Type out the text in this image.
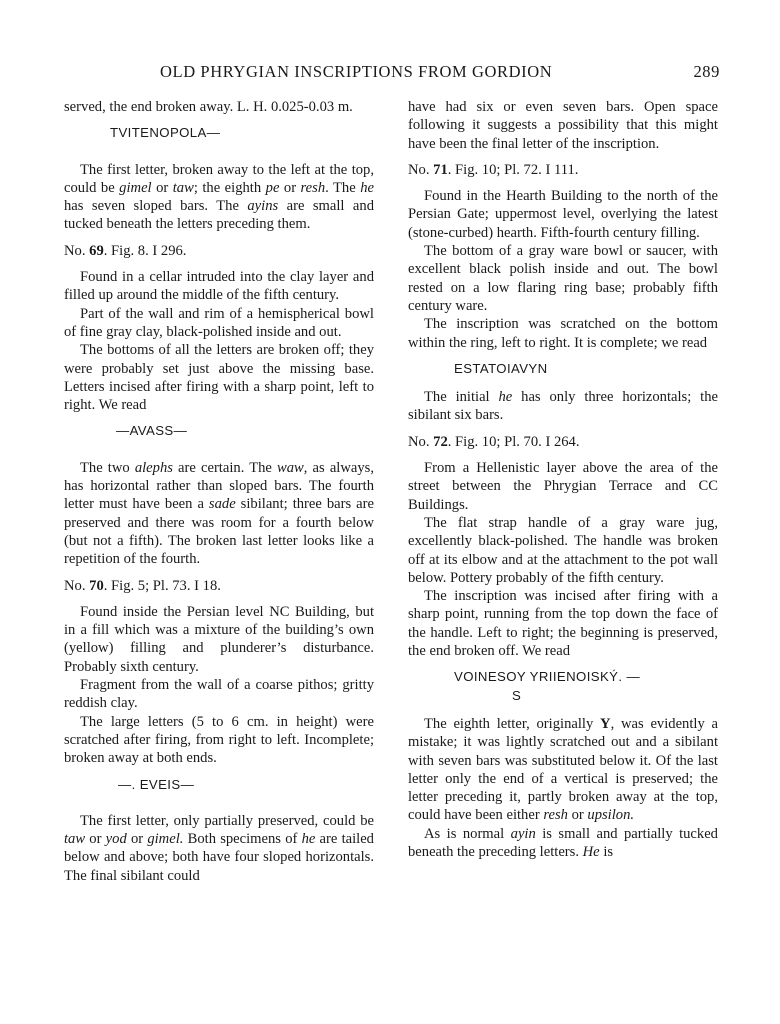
OLD PHRYGIAN INSCRIPTIONS FROM GORDION	289

served, the end broken away. L. H. 0.025-0.03 m.

TVITENOPOLA—

The first letter, broken away to the left at the top, could be gimel or taw; the eighth pe or resh. The he has seven sloped bars. The ayins are small and tucked beneath the letters preceding them.

No. 69. Fig. 8. I 296.

Found in a cellar intruded into the clay layer and filled up around the middle of the fifth century.

Part of the wall and rim of a hemispherical bowl of fine gray clay, black-polished inside and out.

The bottoms of all the letters are broken off; they were probably set just above the missing base. Letters incised after firing with a sharp point, left to right. We read

—AVASS—

The two alephs are certain. The waw, as always, has horizontal rather than sloped bars. The fourth letter must have been a sade sibilant; three bars are preserved and there was room for a fourth below (but not a fifth). The broken last letter looks like a repetition of the fourth.

No. 70. Fig. 5; Pl. 73. I 18.

Found inside the Persian level NC Building, but in a fill which was a mixture of the building’s own (yellow) filling and plunderer’s disturbance. Probably sixth century.

Fragment from the wall of a coarse pithos; gritty reddish clay.

The large letters (5 to 6 cm. in height) were scratched after firing, from right to left. Incomplete; broken away at both ends.

—. EVEIS—

The first letter, only partially preserved, could be taw or yod or gimel. Both specimens of he are tailed below and above; both have four sloped horizontals. The final sibilant could

have had six or even seven bars. Open space following it suggests a possibility that this might have been the final letter of the inscription.

No. 71. Fig. 10; Pl. 72. I 111.

Found in the Hearth Building to the north of the Persian Gate; uppermost level, overlying the latest (stone-curbed) hearth. Fifth-fourth century filling.

The bottom of a gray ware bowl or saucer, with excellent black polish inside and out. The bowl rested on a low flaring ring base; probably fifth century ware.

The inscription was scratched on the bottom within the ring, left to right. It is complete; we read

ESTATOIAVYN

The initial he has only three horizontals; the sibilant six bars.

No. 72. Fig. 10; Pl. 70. I 264.

From a Hellenistic layer above the area of the street between the Phrygian Terrace and CC Buildings.

The flat strap handle of a gray ware jug, excellently black-polished. The handle was broken off at its elbow and at the attachment to the pot wall below. Pottery probably of the fifth century.

The inscription was incised after firing with a sharp point, running from the top down the face of the handle. Left to right; the beginning is preserved, the end broken off. We read

VOINESOY YRIIENOISKÝ. —

S

The eighth letter, originally Y, was evidently a mistake; it was lightly scratched out and a sibilant with seven bars was substituted below it. Of the last letter only the end of a vertical is preserved; the letter preceding it, partly broken away at the top, could have been either resh or upsilon.

As is normal ayin is small and partially tucked beneath the preceding letters. He is
